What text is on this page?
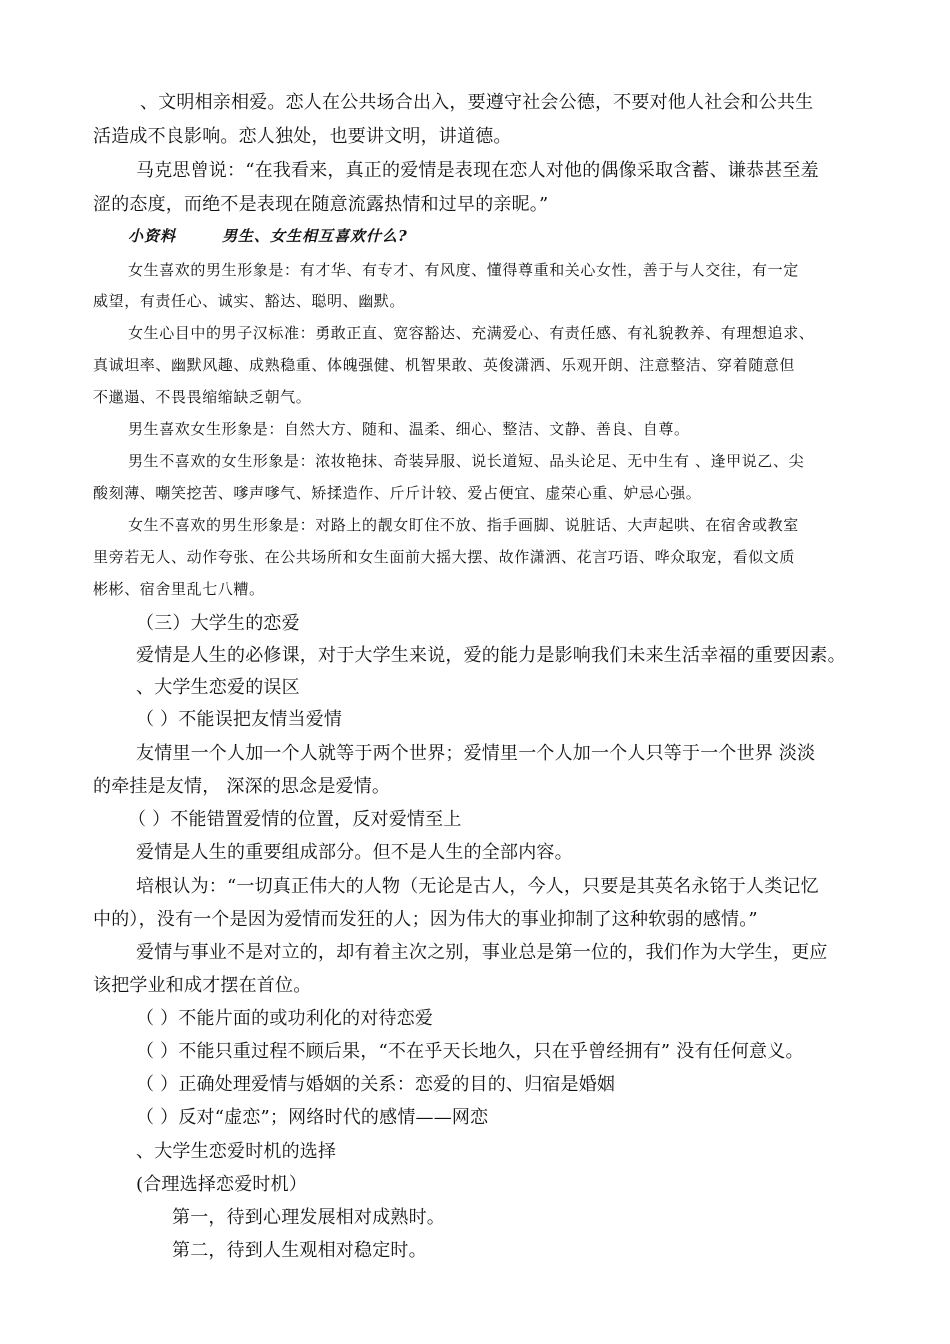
、文明相亲相爱。恋人在公共场合出入，要遵守社会公德，不要对他人社会和公共生
活造成不良影响。恋人独处，也要讲文明，讲道德。
马克思曾说：“在我看来，真正的爱情是表现在恋人对他的偶像采取含蓄、谦恭甚至羞
涩的态度，而绝不是表现在随意流露热情和过早的亲昵。”
小资料	男生、女生相互喜欢什么?
女生喜欢的男生形象是：有才华、有专才、有风度、懂得尊重和关心女性，善于与人交往，有一定
威望，有责任心、诚实、豁达、聪明、幽默。
女生心目中的男子汉标准：勇敢正直、宽容豁达、充满爱心、有责任感、有礼貌教养、有理想追求、
真诚坦率、幽默风趣、成熟稳重、体魄强健、机智果敢、英俊潇洒、乐观开朗、注意整洁、穿着随意但
不邋遢、不畏畏缩缩缺乏朝气。
男生喜欢女生形象是：自然大方、随和、温柔、细心、整洁、文静、善良、自尊。
男生不喜欢的女生形象是：浓妆艳抹、奇装异服、说长道短、品头论足、无中生有 、逢甲说乙、尖
酸刻薄、嘲笑挖苦、嗲声嗲气、矫揉造作、斤斤计较、爱占便宜、虚荣心重、妒忌心强。
女生不喜欢的男生形象是：对路上的靓女盯住不放、指手画脚、说脏话、大声起哄、在宿舍或教室
里旁若无人、动作夸张、在公共场所和女生面前大摇大摆、故作潇洒、花言巧语、哗众取宠，看似文质
彬彬、宿舍里乱七八糟。
（三）大学生的恋爱
爱情是人生的必修课，对于大学生来说，爱的能力是影响我们未来生活幸福的重要因素。
、大学生恋爱的误区
（ ）不能误把友情当爱情
友情里一个人加一个人就等于两个世界；爱情里一个人加一个人只等于一个世界 淡淡
的牵挂是友情， 深深的思念是爱情。
（ ）不能错置爱情的位置，反对爱情至上
爱情是人生的重要组成部分。但不是人生的全部内容。
培根认为：“一切真正伟大的人物（无论是古人，今人，只要是其英名永铭于人类记忆
中的），没有一个是因为爱情而发狂的人；因为伟大的事业抑制了这种软弱的感情。”
爱情与事业不是对立的，却有着主次之别，事业总是第一位的，我们作为大学生，更应
该把学业和成才摆在首位。
（ ）不能片面的或功利化的对待恋爱
（ ）不能只重过程不顾后果，“不在乎天长地久，只在乎曾经拥有” 没有任何意义。
（ ）正确处理爱情与婚姻的关系：恋爱的目的、归宿是婚姻
（ ）反对“虚恋”；网络时代的感情——网恋
、大学生恋爱时机的选择
(合理选择恋爱时机）
第一，待到心理发展相对成熟时。
第二，待到人生观相对稳定时。
